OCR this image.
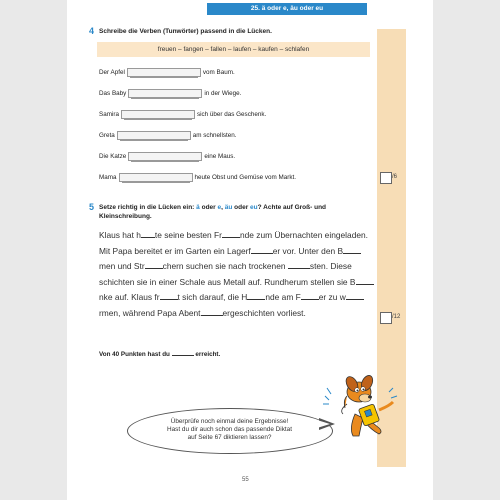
25. ä oder e, äu oder eu
4 Schreibe die Verben (Tunwörter) passend in die Lücken.
freuen – fangen – fallen – laufen – kaufen – schlafen
Der Apfel	vom Baum.
Das Baby	in der Wiege.
Samira	sich über das Geschenk.
Greta	am schnellsten.
Die Katze	eine Maus.
Mama	heute Obst und Gemüse vom Markt.	/6
5 Setze richtig in die Lücken ein: ä oder e, äu oder eu? Achte auf Groß- und Kleinschreibung.
Klaus hat h te seine besten Fr nde zum Übernachten eingeladen. Mit Papa bereitet er im Garten ein Lagerf	er vor. Unter den Bmen und Str chern suchen sie nach trockenen	sten. Diese schichten sie in einer Schale aus Metall auf. Rundherum stellen sie Bnke auf. Klaus fr t sich darauf, die H nde am F er zu wrmen, während Papa Abent	ergeschichten vorliest.	/12
Von 40 Punkten hast du	erreicht.
Überprüfe noch einmal deine Ergebnisse!
Hast du dir auch schon das passende Diktat
auf Seite 67 diktieren lassen?
55
